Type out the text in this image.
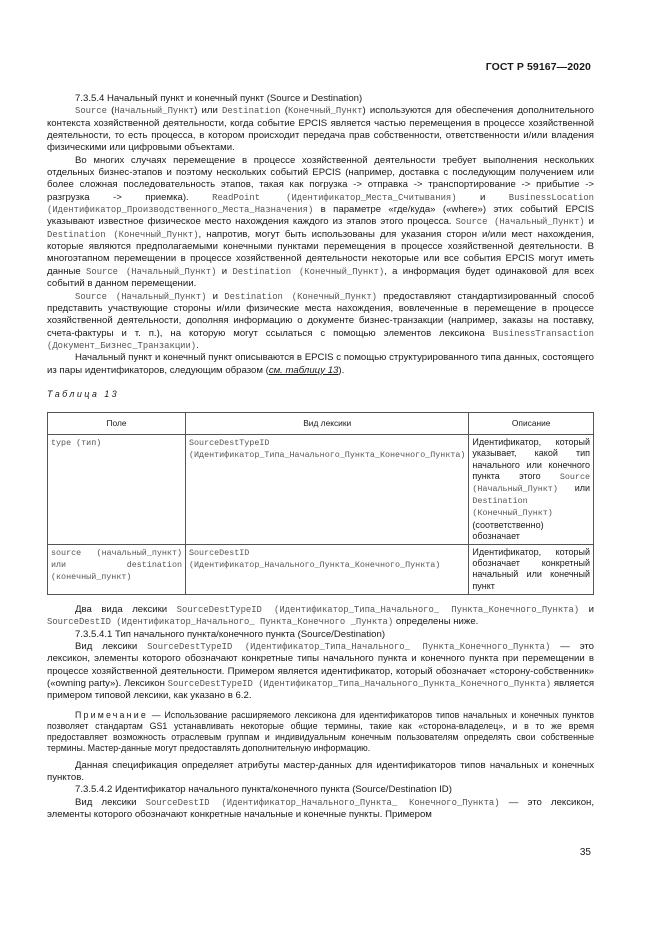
ГОСТ Р 59167—2020

7.3.5.4 Начальный пункт и конечный пункт (Source и Destination)

Source (Начальный_Пункт) или Destination (Конечный_Пункт) используются для обеспечения дополнительного контекста хозяйственной деятельности, когда событие EPCIS является частью перемещения в процессе хозяйственной деятельности, то есть процесса, в котором происходит передача прав собственности, ответственности и/или владения физическими или цифровыми объектами.

Во многих случаях перемещение в процессе хозяйственной деятельности требует выполнения нескольких отдельных бизнес-этапов и поэтому нескольких событий EPCIS (например, доставка с последующим получением или более сложная последовательность этапов, такая как погрузка -> отправка -> транспортирование -> прибытие -> разгрузка -> приемка). ReadPoint (Идентификатор_Места_Считывания) и BusinessLocation (Идентификатор_Производственного_Места_Назначения) в параметре «где/куда» («where») этих событий EPCIS указывают известное физическое место нахождения каждого из этапов этого процесса. Source (Начальный_Пункт) и Destination (Конечный_Пункт), напротив, могут быть использованы для указания сторон и/или мест нахождения, которые являются предполагаемыми конечными пунктами перемещения в процессе хозяйственной деятельности. В многоэтапном перемещении в процессе хозяйственной деятельности некоторые или все события EPCIS могут иметь данные Source (Начальный_Пункт) и Destination (Конечный_Пункт), а информация будет одинаковой для всех событий в данном перемещении.

Source (Начальный_Пункт) и Destination (Конечный_Пункт) предоставляют стандартизированный способ представить участвующие стороны и/или физические места нахождения, вовлеченные в перемещение в процессе хозяйственной деятельности, дополняя информацию о документе бизнес-транзакции (например, заказы на поставку, счета-фактуры и т. п.), на которую могут ссылаться с помощью элементов лексикона BusinessTransaction (Документ_Бизнес_Транзакции).

Начальный пункт и конечный пункт описываются в EPCIS с помощью структурированного типа данных, состоящего из пары идентификаторов, следующим образом (см. таблицу 13).

Таблица 13
Поле	Вид лексики	Описание
type (тип)	SourceDestTypeID (Идентификатор_Типа_Начального_Пункта_Конечного_Пункта)	Идентификатор, который указывает, какой тип начального или конечного пункта этого Source (Начальный_Пункт) или Destination (Конечный_Пункт) (соответственно) обозначает
source (начальный_пункт) или destination (конечный_пункт)	SourceDestID (Идентификатор_Начального_Пункта_Конечного_Пункта)	Идентификатор, который обозначает конкретный начальный или конечный пункт

Два вида лексики SourceDestTypeID (Идентификатор_Типа_Начального_ Пункта_Конечного_Пункта) и SourceDestID (Идентификатор_Начального_ Пункта_Конечного _Пункта) определены ниже.

7.3.5.4.1 Тип начального пункта/конечного пункта (Source/Destination)

Вид лексики SourceDestTypeID (Идентификатор_Типа_Начального_ Пункта_Конечного_Пункта) — это лексикон, элементы которого обозначают конкретные типы начального пункта и конечного пункта при перемещении в процессе хозяйственной деятельности. Примером является идентификатор, который обозначает «сторону-собственник» («owning party»). Лексикон SourceDestTypeID (Идентификатор_Типа_Начального_Пункта_Конечного_Пункта) является примером типовой лексики, как указано в 6.2.

Примечание — Использование расширяемого лексикона для идентификаторов типов начальных и конечных пунктов позволяет стандартам GS1 устанавливать некоторые общие термины, такие как «сторона-владелец», и в то же время предоставляет возможность отраслевым группам и индивидуальным конечным пользователям определять свои собственные термины. Мастер-данные могут предоставлять дополнительную информацию.

Данная спецификация определяет атрибуты мастер-данных для идентификаторов типов начальных и конечных пунктов.

7.3.5.4.2 Идентификатор начального пункта/конечного пункта (Source/Destination ID)

Вид лексики SourceDestID (Идентификатор_Начального_Пункта_ Конечного_Пункта) — это лексикон, элементы которого обозначают конкретные начальные и конечные пункты. Примером

35
